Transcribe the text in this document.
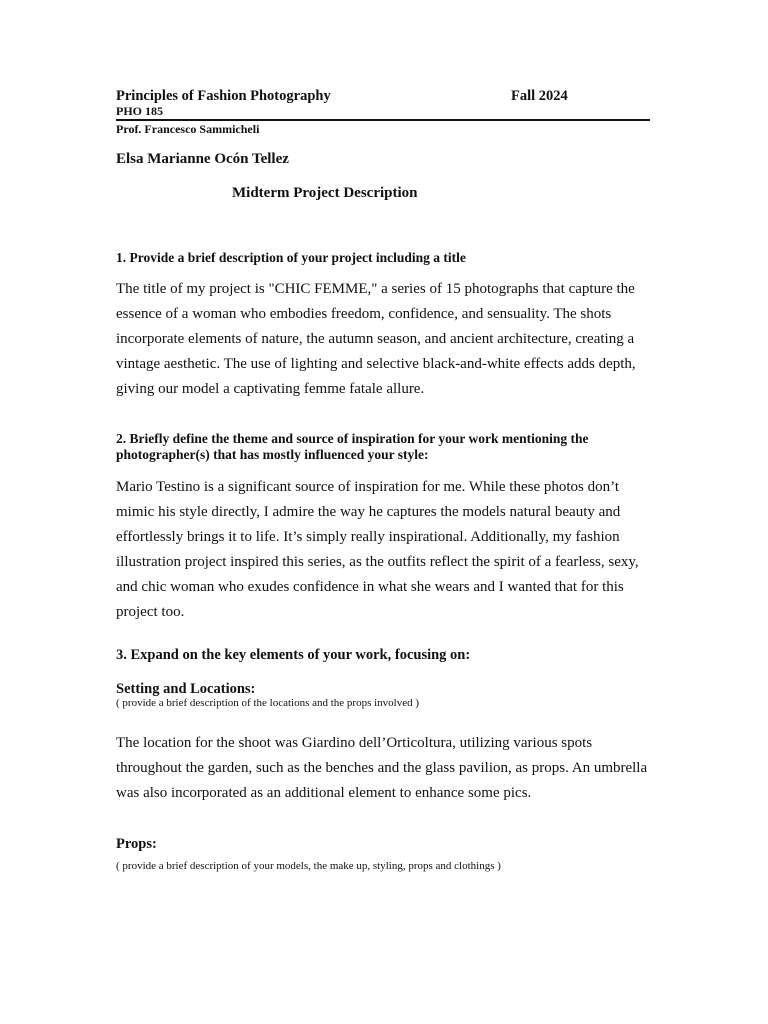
Principles of Fashion Photography	Fall 2024
PHO 185
Prof. Francesco Sammicheli
Elsa Marianne Ocón Tellez
Midterm Project Description
1. Provide a brief description of your project including a title
The title of my project is "CHIC FEMME," a series of 15 photographs that capture the essence of a woman who embodies freedom, confidence, and sensuality. The shots incorporate elements of nature, the autumn season, and ancient architecture, creating a vintage aesthetic. The use of lighting and selective black-and-white effects adds depth, giving our model a captivating femme fatale allure.
2. Briefly define the theme and source of inspiration for your work mentioning the photographer(s) that has mostly influenced your style:
Mario Testino is a significant source of inspiration for me. While these photos don’t mimic his style directly, I admire the way he captures the models natural beauty and effortlessly brings it to life. It’s simply really inspirational. Additionally, my fashion illustration project inspired this series, as the outfits reflect the spirit of a fearless, sexy, and chic woman who exudes confidence in what she wears and I wanted that for this project too.
3. Expand on the key elements of your work, focusing on:
Setting and Locations:
( provide a brief description of the locations and the props involved )
The location for the shoot was Giardino dell’Orticoltura, utilizing various spots throughout the garden, such as the benches and the glass pavilion, as props. An umbrella was also incorporated as an additional element to enhance some pics.
Props:
( provide a brief description of your models, the make up, styling, props and clothings )
